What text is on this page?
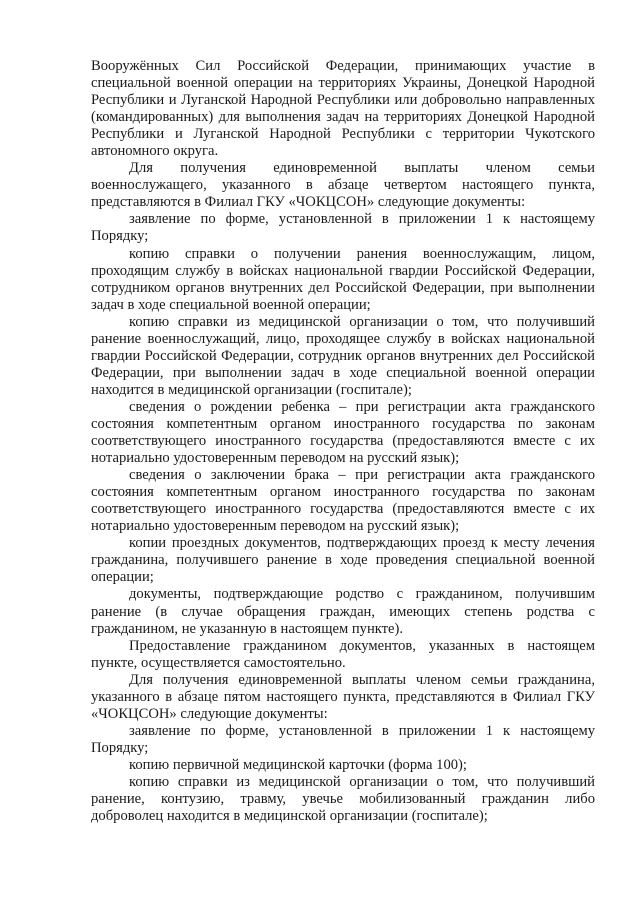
Вооружённых Сил Российской Федерации, принимающих участие в специальной военной операции на территориях Украины, Донецкой Народной Республики и Луганской Народной Республики или добровольно направленных (командированных) для выполнения задач на территориях Донецкой Народной Республики и Луганской Народной Республики с территории Чукотского автономного округа.

Для получения единовременной выплаты членом семьи военнослужащего, указанного в абзаце четвертом настоящего пункта, представляются в Филиал ГКУ «ЧОКЦСОН» следующие документы:

заявление по форме, установленной в приложении 1 к настоящему Порядку;

копию справки о получении ранения военнослужащим, лицом, проходящим службу в войсках национальной гвардии Российской Федерации, сотрудником органов внутренних дел Российской Федерации, при выполнении задач в ходе специальной военной операции;

копию справки из медицинской организации о том, что получивший ранение военнослужащий, лицо, проходящее службу в войсках национальной гвардии Российской Федерации, сотрудник органов внутренних дел Российской Федерации, при выполнении задач в ходе специальной военной операции находится в медицинской организации (госпитале);

сведения о рождении ребенка – при регистрации акта гражданского состояния компетентным органом иностранного государства по законам соответствующего иностранного государства (предоставляются вместе с их нотариально удостоверенным переводом на русский язык);

сведения о заключении брака – при регистрации акта гражданского состояния компетентным органом иностранного государства по законам соответствующего иностранного государства (предоставляются вместе с их нотариально удостоверенным переводом на русский язык);

копии проездных документов, подтверждающих проезд к месту лечения гражданина, получившего ранение в ходе проведения специальной военной операции;

документы, подтверждающие родство с гражданином, получившим ранение (в случае обращения граждан, имеющих степень родства с гражданином, не указанную в настоящем пункте).

Предоставление гражданином документов, указанных в настоящем пункте, осуществляется самостоятельно.

Для получения единовременной выплаты членом семьи гражданина, указанного в абзаце пятом настоящего пункта, представляются в Филиал ГКУ «ЧОКЦСОН» следующие документы:

заявление по форме, установленной в приложении 1 к настоящему Порядку;

копию первичной медицинской карточки (форма 100);

копию справки из медицинской организации о том, что получивший ранение, контузию, травму, увечье мобилизованный гражданин либо доброволец находится в медицинской организации (госпитале);
